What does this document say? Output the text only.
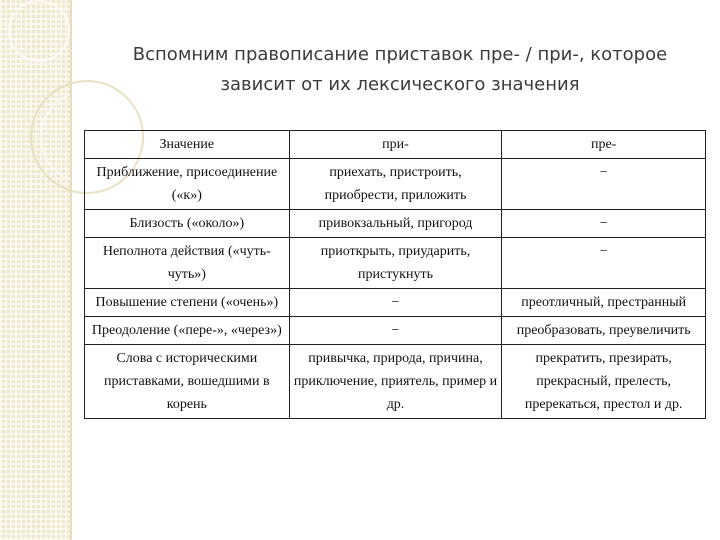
Вспомним правописание приставок пре- / при-, которое
зависит от их лексического значения
Значение	при-	пре-
Приближение, присоединение («к»)	приехать, пристроить, приобрести, приложить	−
Близость («около»)	привокзальный, пригород	−
Неполнота действия («чуть-чуть»)	приоткрыть, приударить, пристукнуть	−
Повышение степени («очень»)	−	преотличный, престранный
Преодоление («пере-», «через»)	−	преобразовать, преувеличить
Слова с историческими приставками, вошедшими в корень	привычка, природа, причина, приключение, приятель, пример и др.	прекратить, презирать, прекрасный, прелесть, пререкаться, престол и др.
